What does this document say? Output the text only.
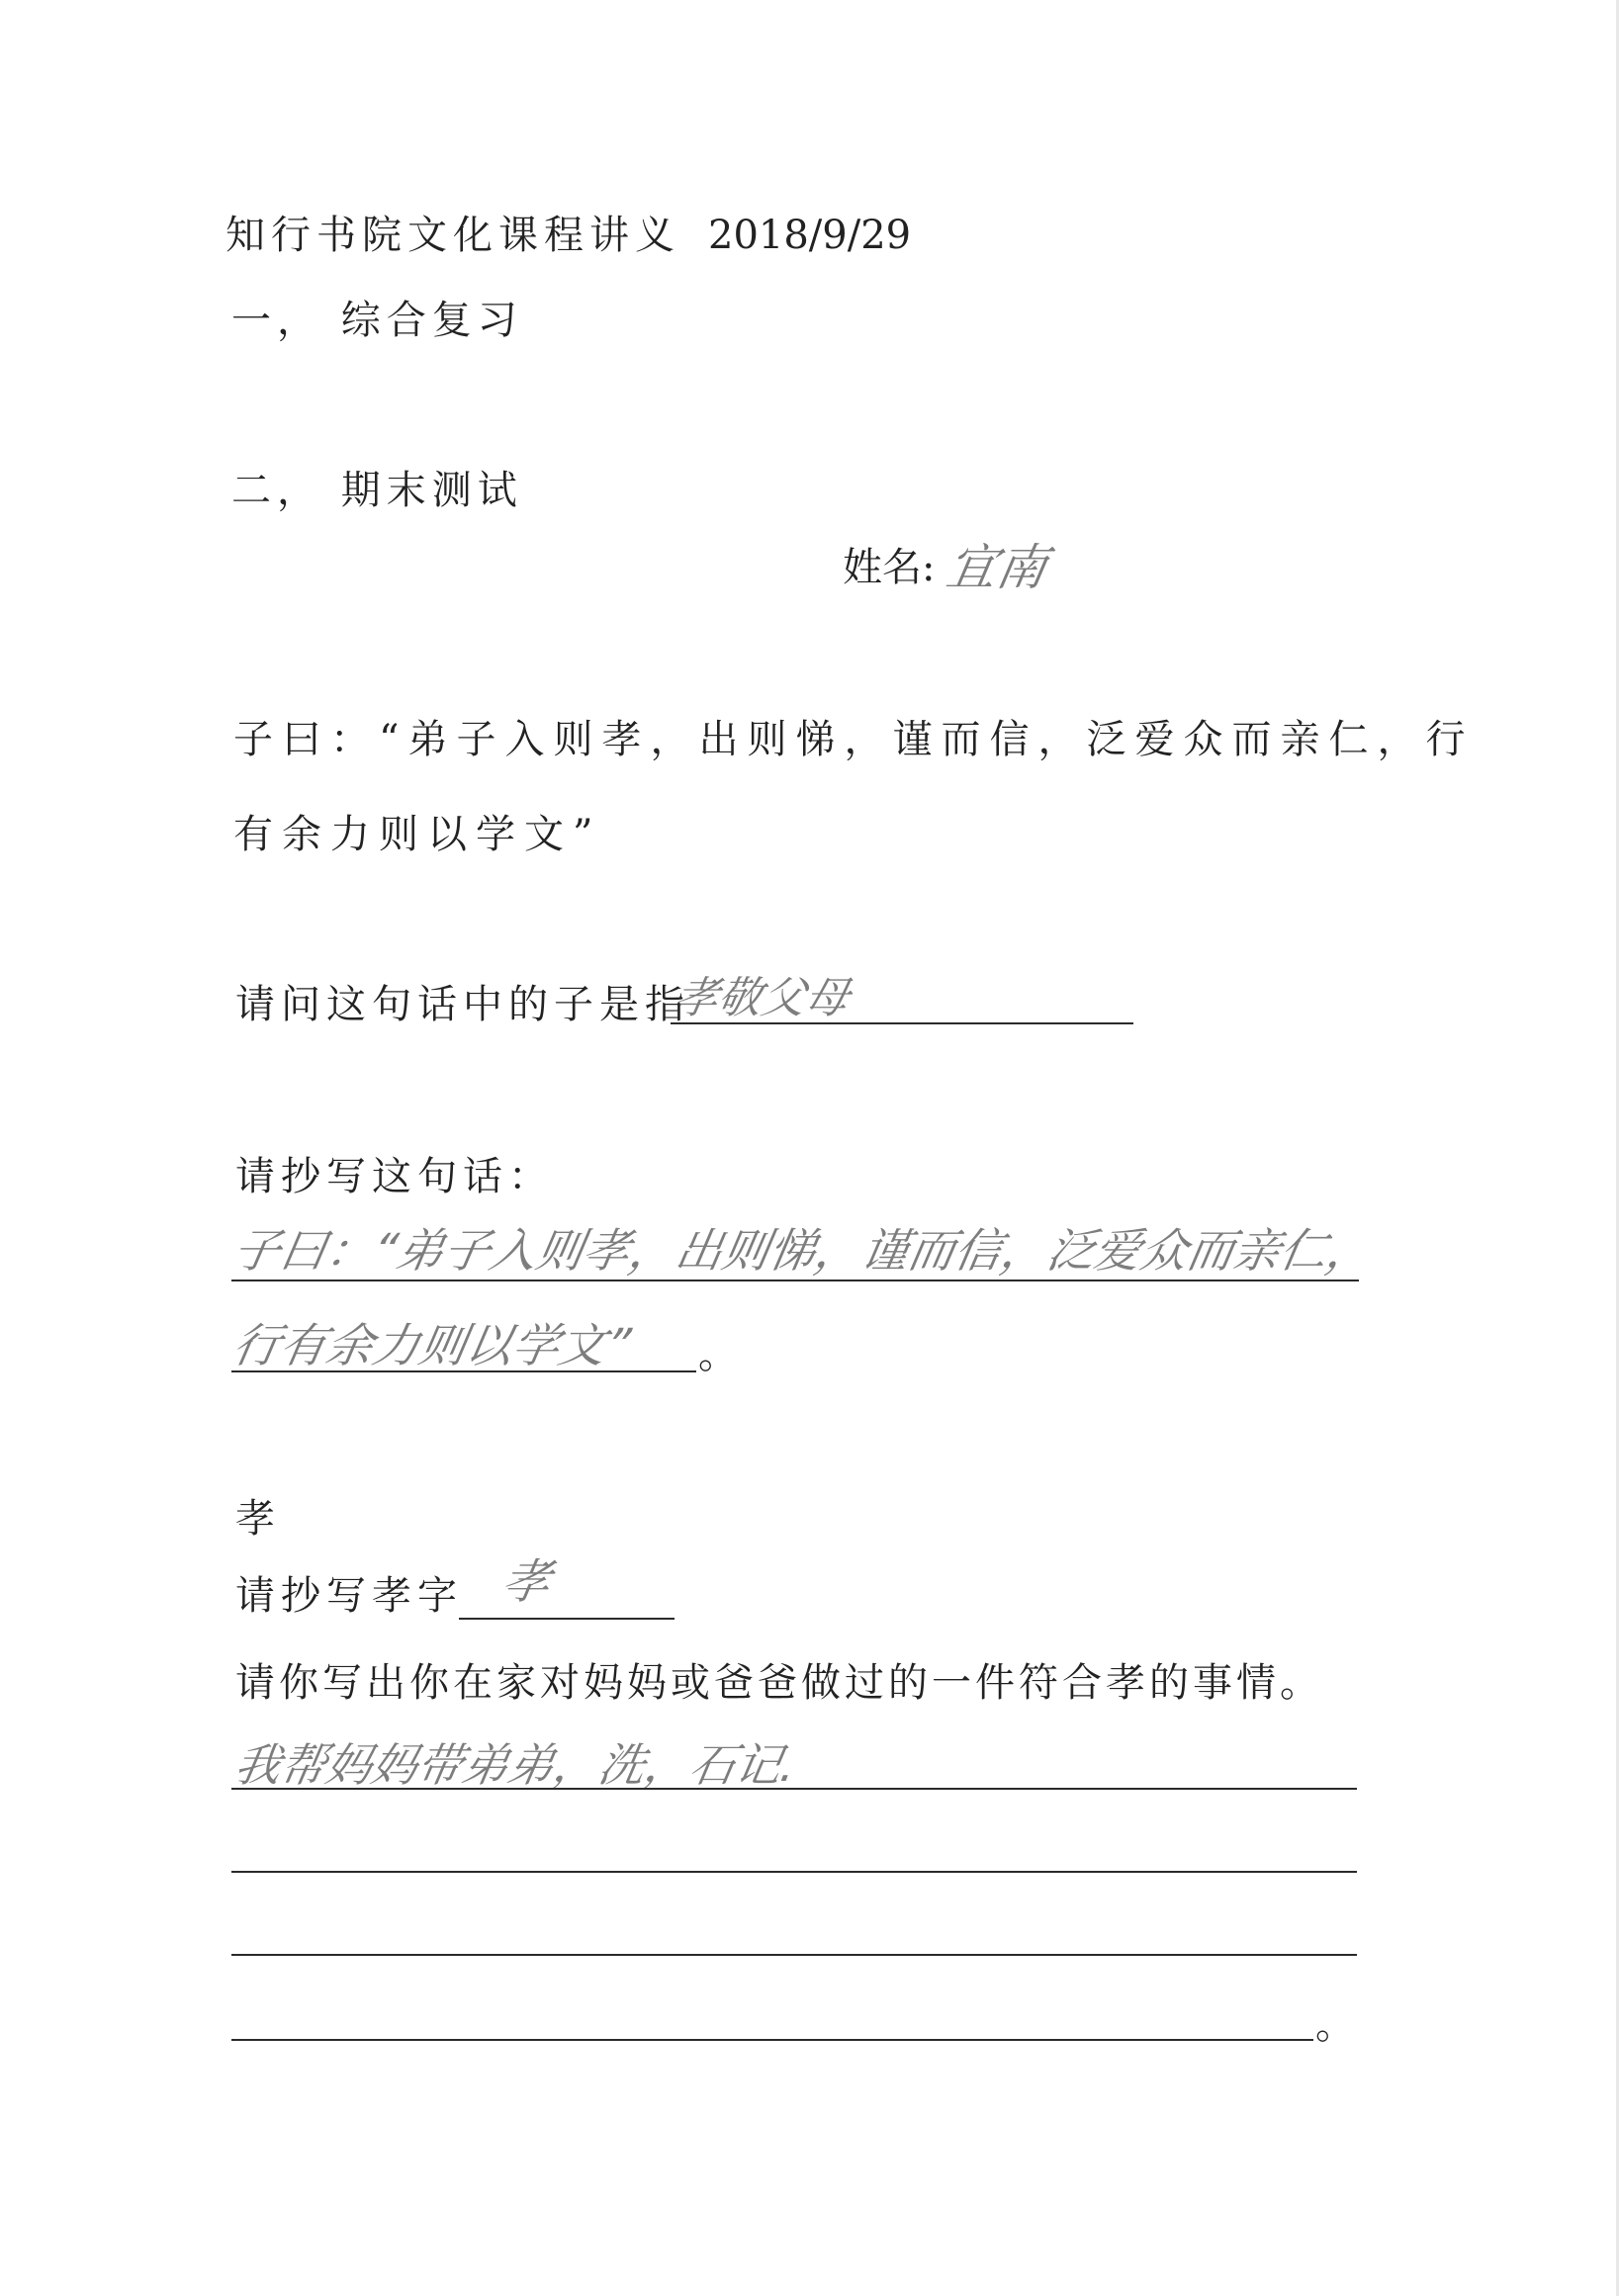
知行书院文化课程讲义 2018/9/29
一， 综合复习
二， 期末测试
姓名: 宜南
子曰：“弟子入则孝，出则悌，谨而信，泛爱众而亲仁，行
有余力则以学文”
请问这句话中的子是指
孝敬父母
请抄写这句话：
子曰：“弟子入则孝，出则悌，谨而信，泛爱众而亲仁，
行有余力则以学文” 。
孝
请抄写孝字 孝
请你写出你在家对妈妈或爸爸做过的一件符合孝的事情。
我帮妈妈带弟弟，洗，石记.
。
